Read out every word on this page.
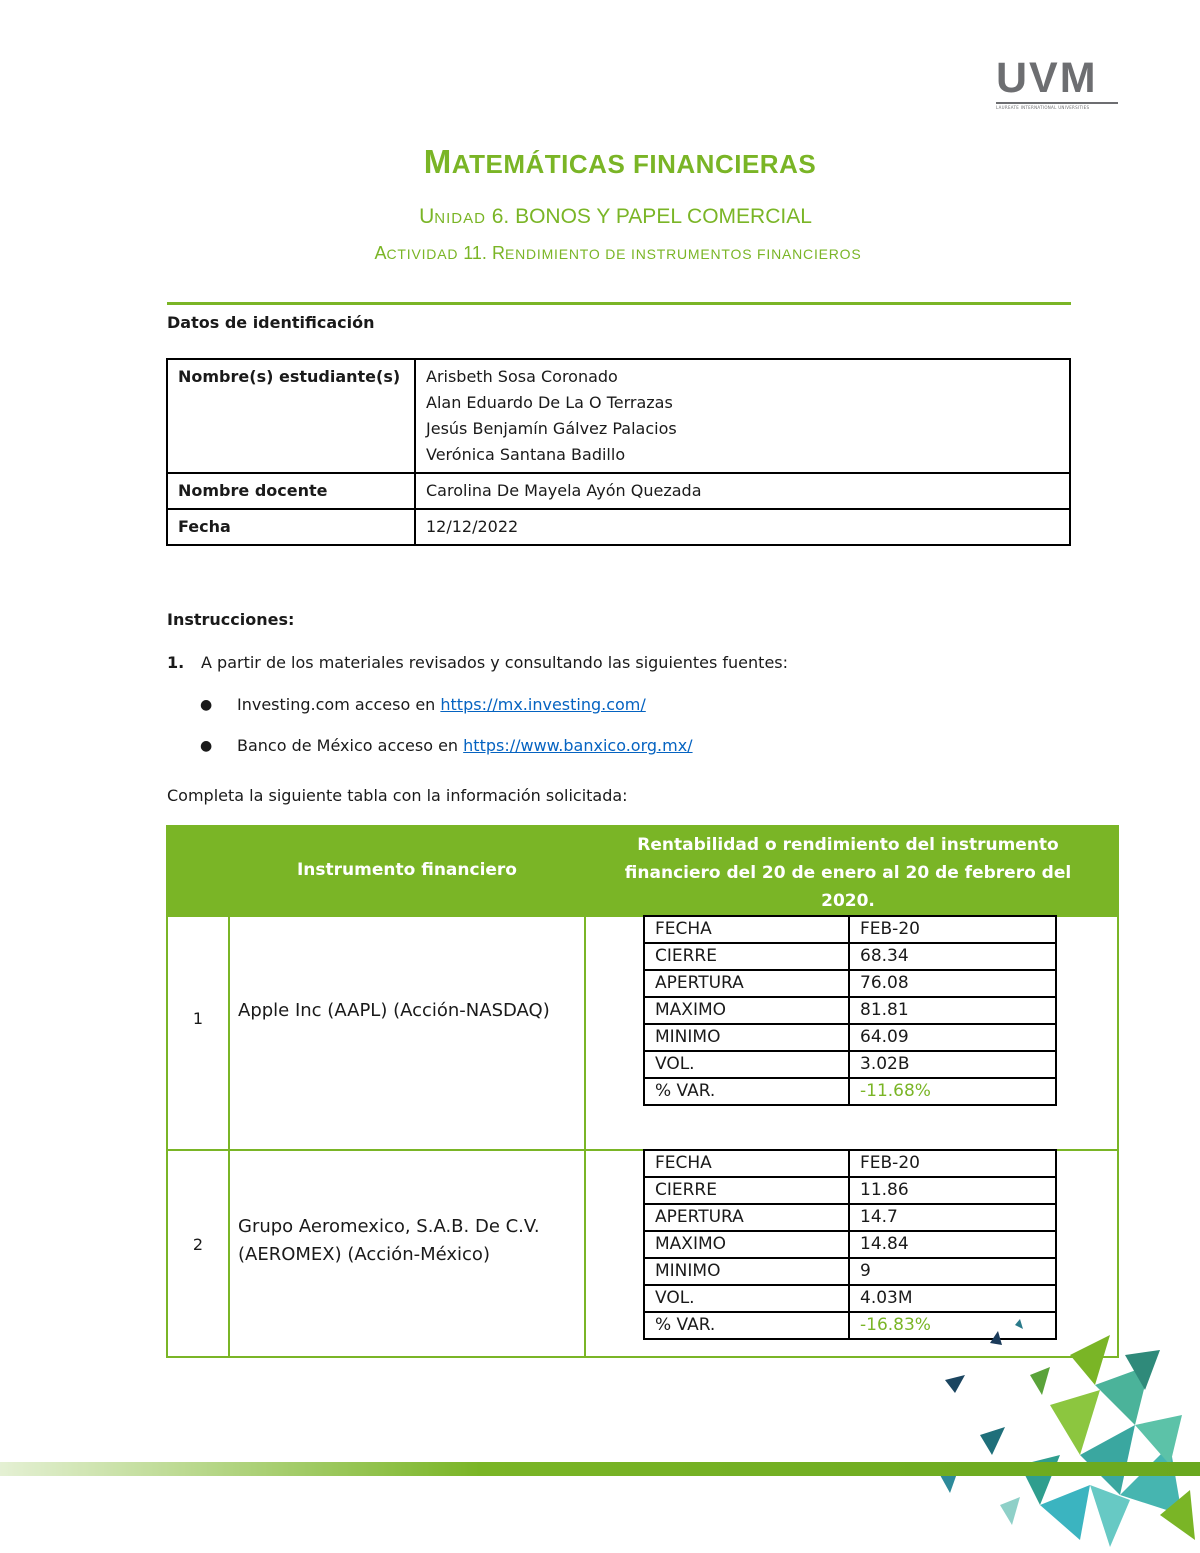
UVM
LAUREATE INTERNATIONAL UNIVERSITIES
MATEMÁTICAS FINANCIERAS
UNIDAD 6. BONOS Y PAPEL COMERCIAL
ACTIVIDAD 11. RENDIMIENTO DE INSTRUMENTOS FINANCIEROS
Datos de identificación
Nombre(s) estudiante(s)	Arisbeth Sosa Coronado
Alan Eduardo De La O Terrazas
Jesús Benjamín Gálvez Palacios
Verónica Santana Badillo

Nombre docente	Carolina De Mayela Ayón Quezada
Fecha	12/12/2022
Instrucciones:
1. A partir de los materiales revisados y consultando las siguientes fuentes:
● Investing.com acceso en https://mx.investing.com/
● Banco de México acceso en https://www.banxico.org.mx/
Completa la siguiente tabla con la información solicitada:
Instrumento financiero
Rentabilidad o rendimiento del instrumento financiero del 20 de enero al 20 de febrero del 2020.
1	Apple Inc (AAPL) (Acción-NASDAQ)
FECHA	FEB-20
CIERRE	68.34
APERTURA	76.08
MAXIMO	81.81
MINIMO	64.09
VOL.	3.02B
% VAR.	-11.68%
2
Grupo Aeromexico, S.A.B. De C.V. (AEROMEX) (Acción-México)
FECHA	FEB-20
CIERRE	11.86
APERTURA	14.7
MAXIMO	14.84
MINIMO	9
VOL.	4.03M
% VAR.	-16.83%
